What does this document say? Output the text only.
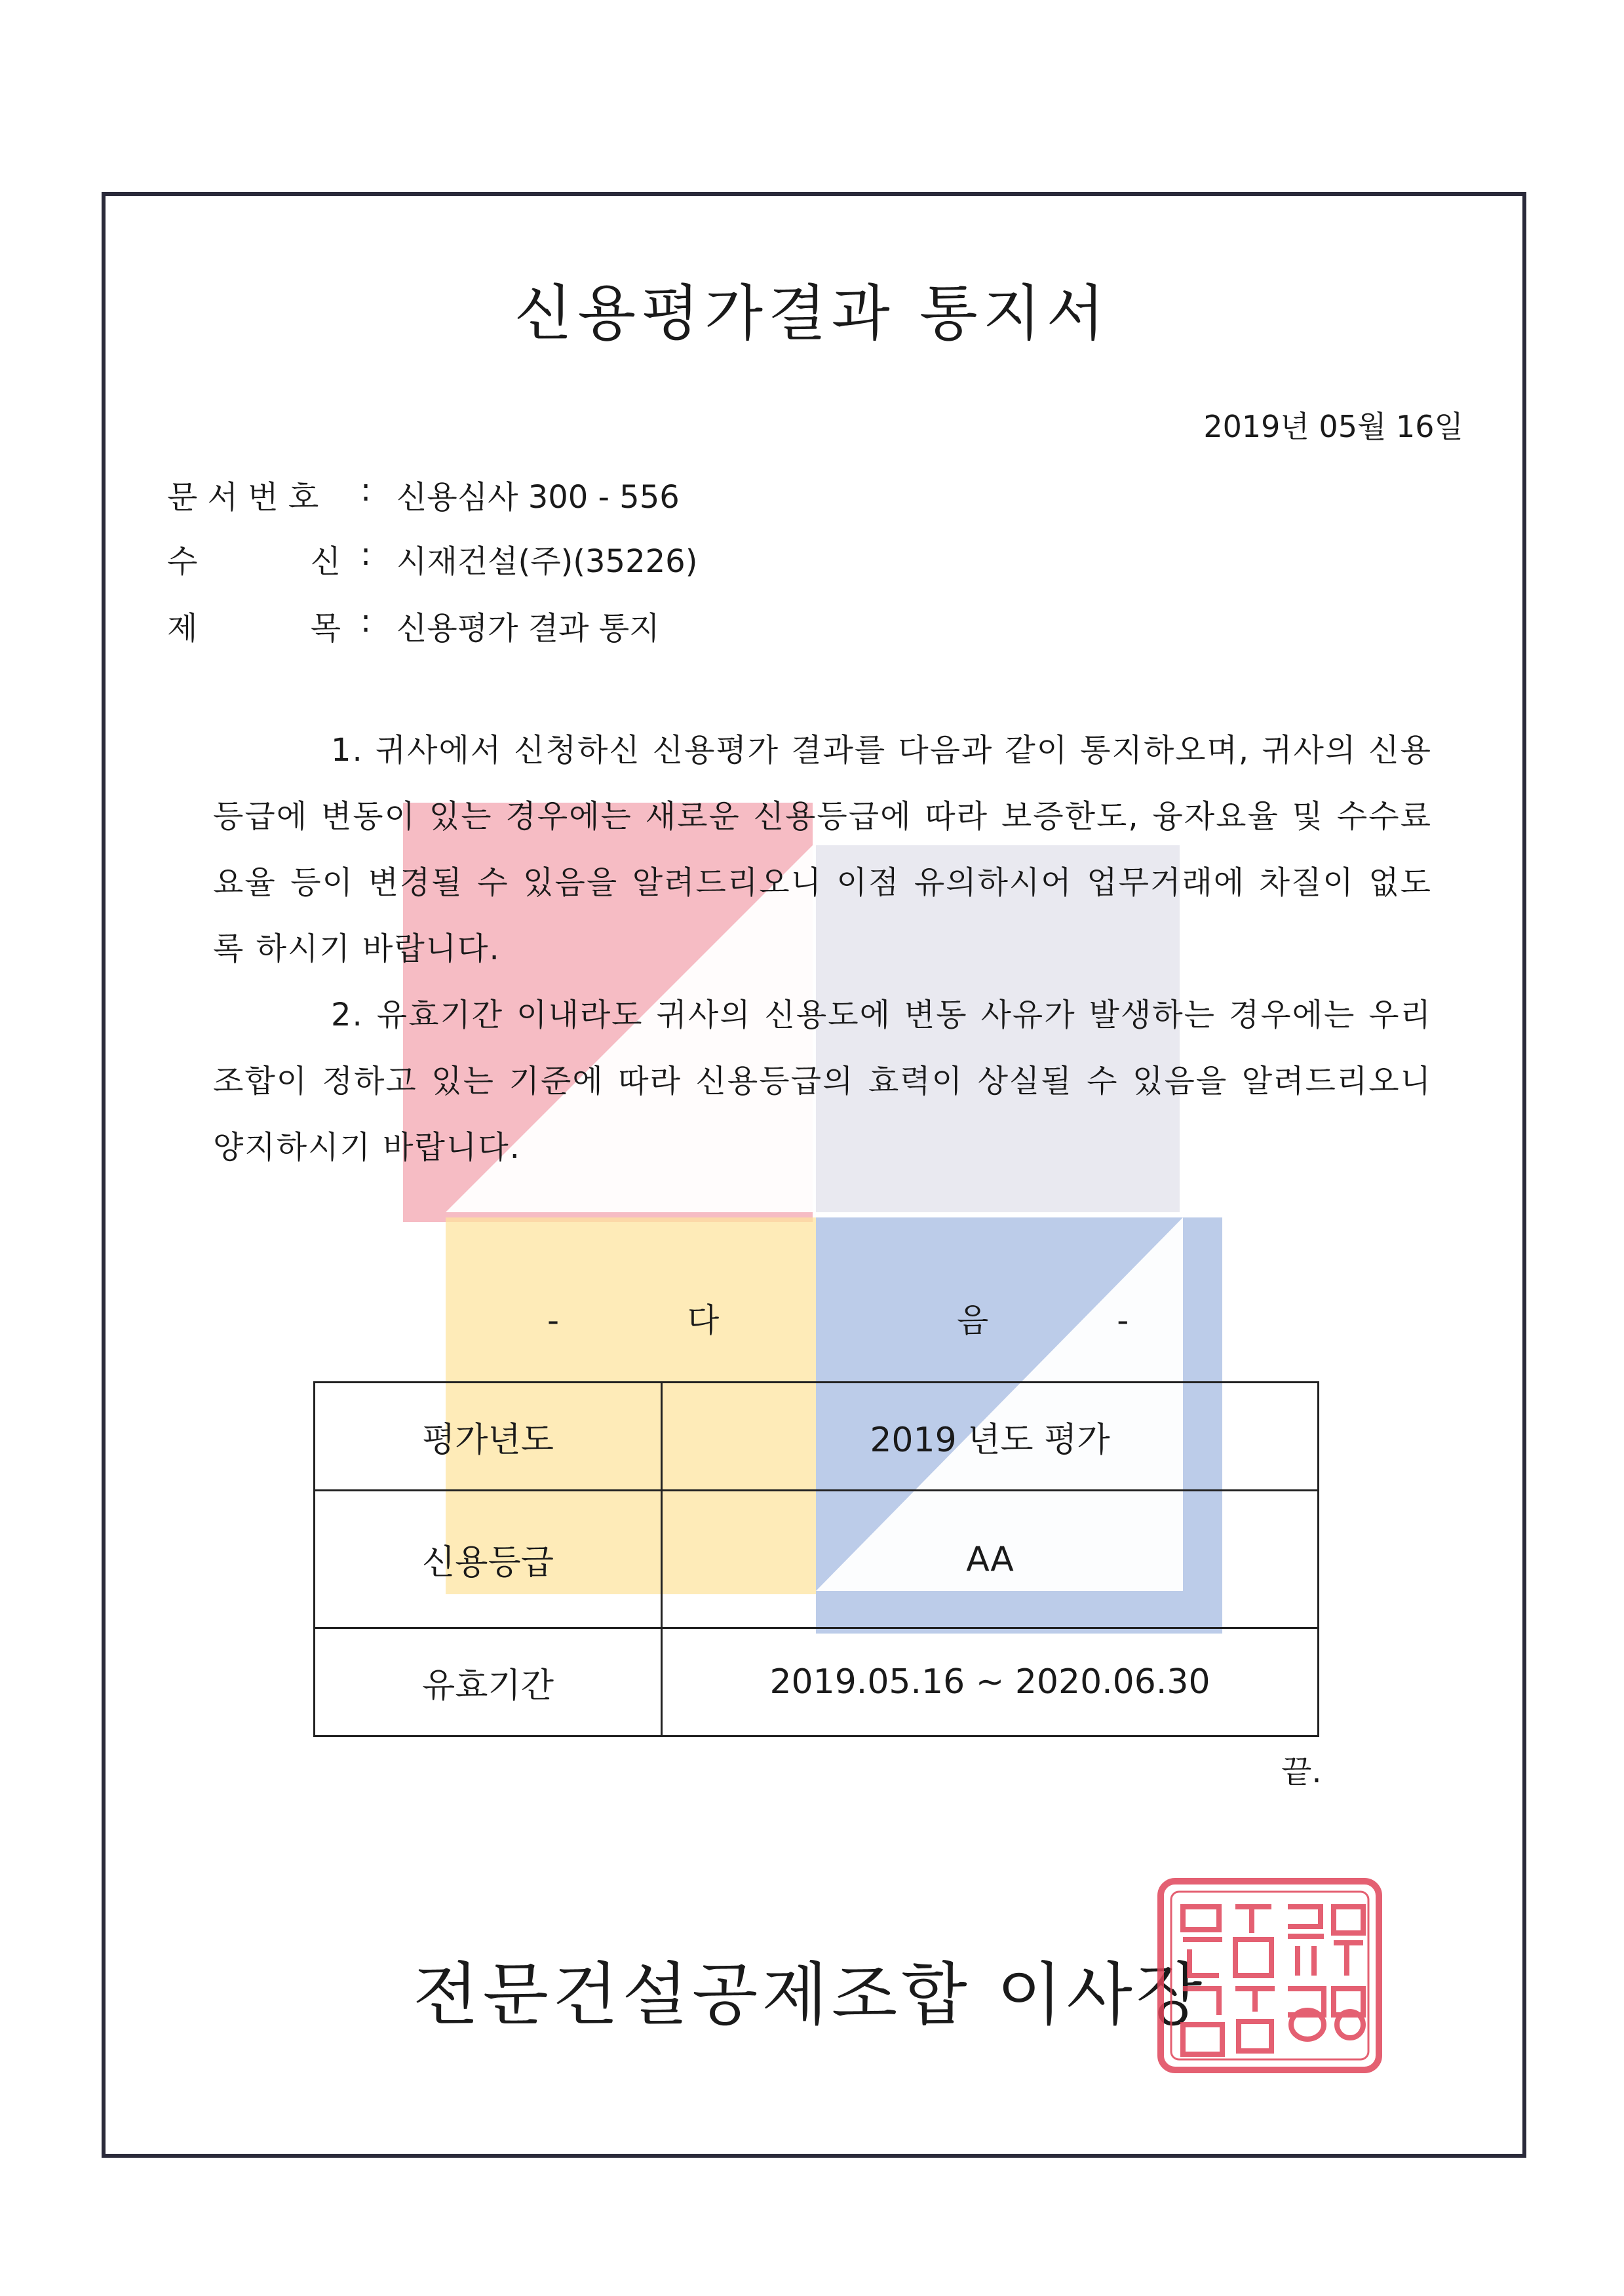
신용평가결과 통지서
2019년 05월 16일
문 서 번 호	: 신용심사 300 - 556
수	신 : 시재건설(주)(35226)
제	목 : 신용평가 결과 통지

1. 귀사에서 신청하신 신용평가 결과를 다음과 같이 통지하오며, 귀사의 신용등급에 변동이 있는 경우에는 새로운 신용등급에 따라 보증한도, 융자요율 및 수수료 요율 등이 변경될 수 있음을 알려드리오니 이점 유의하시어 업무거래에 차질이 없도록 하시기 바랍니다.

2. 유효기간 이내라도 귀사의 신용도에 변동 사유가 발생하는 경우에는 우리조합이 정하고 있는 기준에 따라 신용등급의 효력이 상실될 수 있음을 알려드리오니 양지하시기 바랍니다.

- 다	음 -
평가년도	2019 년도 평가
신용등급	AA
유효기간	2019.05.16 ~ 2020.06.30
끝.
전문건설공제조합 이사장
